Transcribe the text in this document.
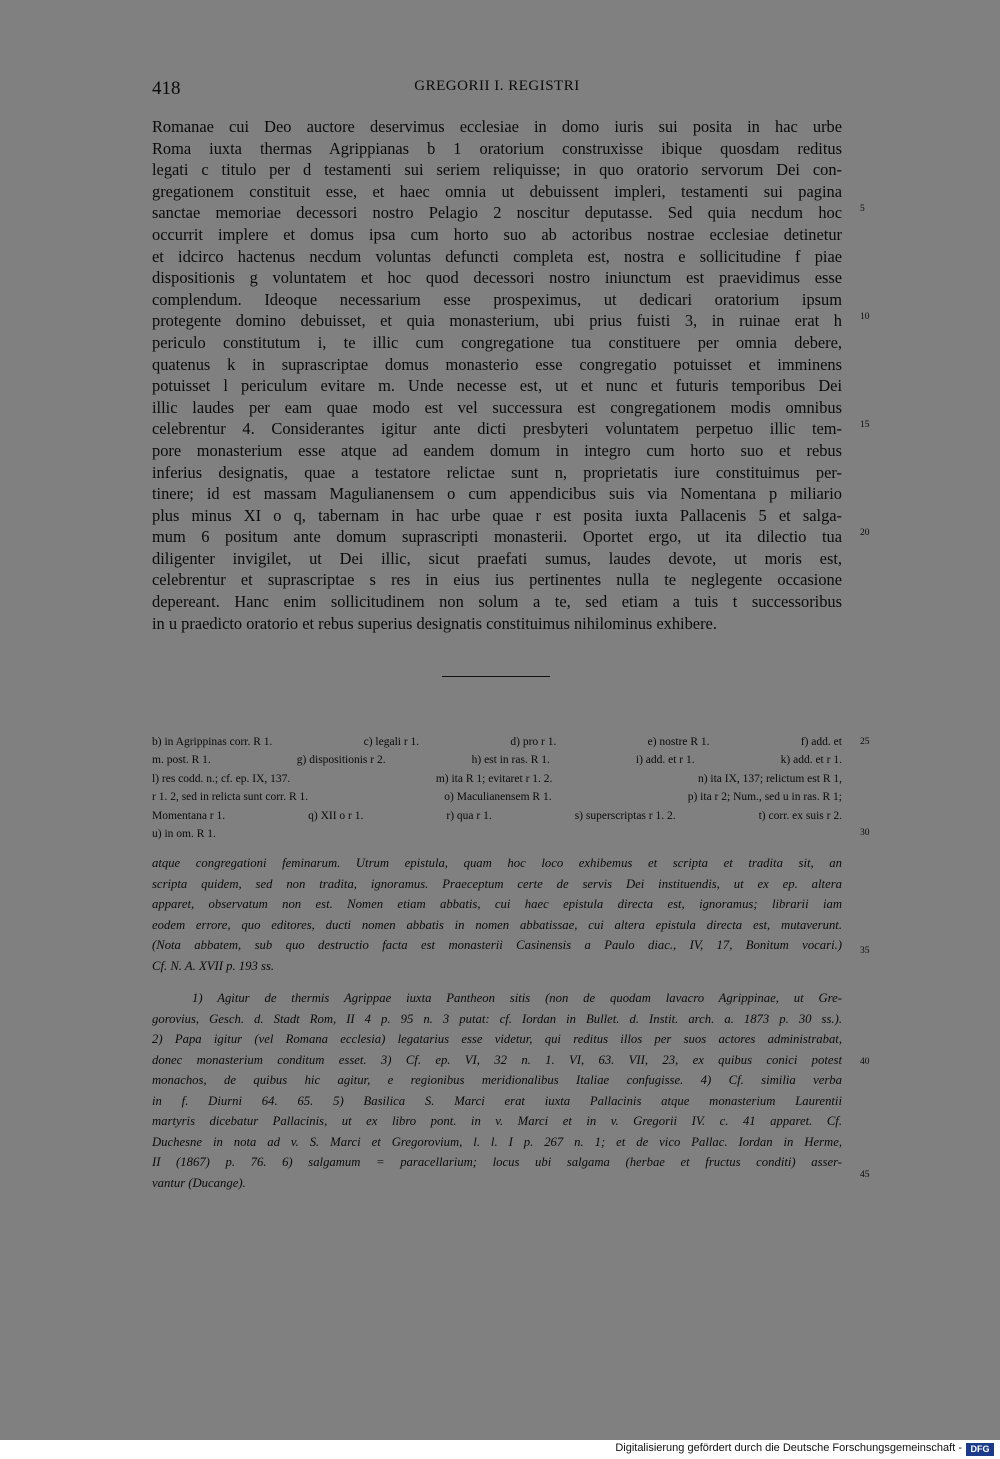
418	GREGORII I. REGISTRI
Romanae cui Deo auctore deservimus ecclesiae in domo iuris sui posita in hac urbe
Roma iuxta thermas Agrippianas b 1 oratorium construxisse ibique quosdam reditus
legati c titulo per d testamenti sui seriem reliquisse; in quo oratorio servorum Dei con-
gregationem constituit esse, et haec omnia ut debuissent impleri, testamenti sui pagina
sanctae memoriae decessori nostro Pelagio 2 noscitur deputasse. Sed quia necdum hoc
occurrit implere et domus ipsa cum horto suo ab actoribus nostrae ecclesiae detinetur
et idcirco hactenus necdum voluntas defuncti completa est, nostra e sollicitudine f piae
dispositionis g voluntatem et hoc quod decessori nostro iniunctum est praevidimus esse
complendum. Ideoque necessarium esse prospeximus, ut dedicari oratorium ipsum
protegente domino debuisset, et quia monasterium, ubi prius fuisti 3, in ruinae erat h
periculo constitutum i, te illic cum congregatione tua constituere per omnia debere,
quatenus k in suprascriptae domus monasterio esse congregatio potuisset et imminens
potuisset l periculum evitare m. Unde necesse est, ut et nunc et futuris temporibus Dei
illic laudes per eam quae modo est vel successura est congregationem modis omnibus
celebrentur 4. Considerantes igitur ante dicti presbyteri voluntatem perpetuo illic tem-
pore monasterium esse atque ad eandem domum in integro cum horto suo et rebus
inferius designatis, quae a testatore relictae sunt n, proprietatis iure constituimus per-
tinere; id est massam Magulianensem o cum appendicibus suis via Nomentana p miliario
plus minus XI o q, tabernam in hac urbe quae r est posita iuxta Pallacenis 5 et salga-
mum 6 positum ante domum suprascripti monasterii. Oportet ergo, ut ita dilectio tua
diligenter invigilet, ut Dei illic, sicut praefati sumus, laudes devote, ut moris est,
celebrentur et suprascriptae s res in eius ius pertinentes nulla te neglegente occasione
depereant. Hanc enim sollicitudinem non solum a te, sed etiam a tuis t successoribus
in u praedicto oratorio et rebus superius designatis constituimus nihilominus exhibere.
5
10
15
20
b) in Agrippinas corr. R 1.	c) legali r 1.	d) pro r 1.	e) nostre R 1.	f) add. et
m. post. R 1.	g) dispositionis r 2.	h) est in ras. R 1.	i) add. et r 1.	k) add. et r 1.
l) res codd. n.; cf. ep. IX, 137.	m) ita R 1; evitaret r 1. 2.	n) ita IX, 137; relictum est R 1,
r 1. 2, sed in relicta sunt corr. R 1.	o) Maculianensem R 1.	p) ita r 2; Num., sed u in ras. R 1;
Momentana r 1.	q) XII o r 1.	r) qua r 1.	s) superscriptas r 1. 2.	t) corr. ex suis r 2.
u) in om. R 1.
25
30
atque congregationi feminarum. Utrum epistula, quam hoc loco exhibemus et scripta et tradita sit, an
scripta quidem, sed non tradita, ignoramus. Praeceptum certe de servis Dei instituendis, ut ex ep. altera
apparet, observatum non est. Nomen etiam abbatis, cui haec epistula directa est, ignoramus; librarii iam
eodem errore, quo editores, ducti nomen abbatis in nomen abbatissae, cui altera epistula directa est, mutaverunt.
(Nota abbatem, sub quo destructio facta est monasterii Casinensis a Paulo diac., IV, 17, Bonitum vocari.)
Cf. N. A. XVII p. 193 ss.
1) Agitur de thermis Agrippae iuxta Pantheon sitis (non de quodam lavacro Agrippinae, ut Gre-
gorovius, Gesch. d. Stadt Rom, II 4 p. 95 n. 3 putat: cf. Iordan in Bullet. d. Instit. arch. a. 1873 p. 30 ss.).
2) Papa igitur (vel Romana ecclesia) legatarius esse videtur, qui reditus illos per suos actores administrabat,
donec monasterium conditum esset. 3) Cf. ep. VI, 32 n. 1. VI, 63. VII, 23, ex quibus conici potest
monachos, de quibus hic agitur, e regionibus meridionalibus Italiae confugisse. 4) Cf. similia verba
in f. Diurni 64. 65. 5) Basilica S. Marci erat iuxta Pallacinis atque monasterium Laurentii
martyris dicebatur Pallacinis, ut ex libro pont. in v. Marci et in v. Gregorii IV. c. 41 apparet. Cf.
Duchesne in nota ad v. S. Marci et Gregorovium, l. l. I p. 267 n. 1; et de vico Pallac. Iordan in Herme,
II (1867) p. 76. 6) salgamum = paracellarium; locus ubi salgama (herbae et fructus conditi) asser-
vantur (Ducange).
35
40
45
Digitalisierung gefördert durch die Deutsche Forschungsgemeinschaft - DFG
